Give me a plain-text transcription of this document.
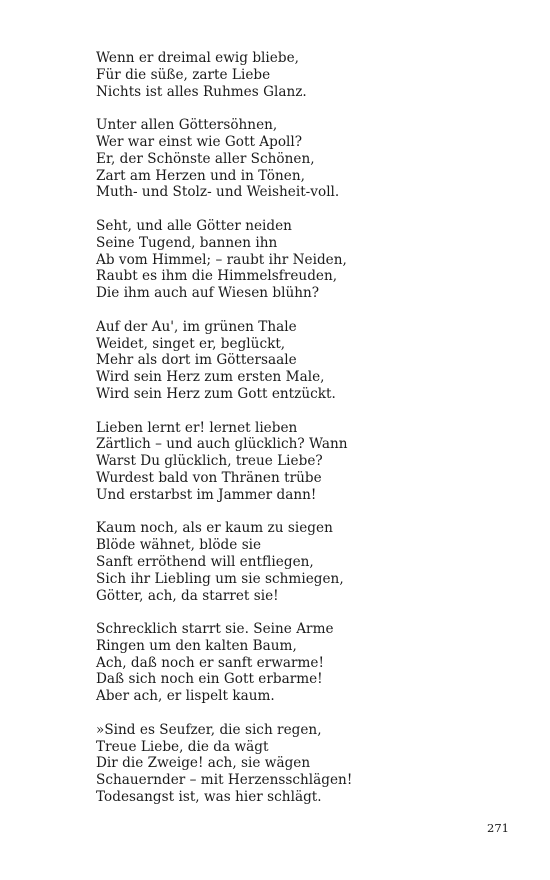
Wenn er dreimal ewig bliebe,
Für die süße, zarte Liebe
Nichts ist alles Ruhmes Glanz.
Unter allen Göttersöhnen,
Wer war einst wie Gott Apoll?
Er, der Schönste aller Schönen,
Zart am Herzen und in Tönen,
Muth- und Stolz- und Weisheit-voll.
Seht, und alle Götter neiden
Seine Tugend, bannen ihn
Ab vom Himmel; – raubt ihr Neiden,
Raubt es ihm die Himmelsfreuden,
Die ihm auch auf Wiesen blühn?
Auf der Au', im grünen Thale
Weidet, singet er, beglückt,
Mehr als dort im Göttersaale
Wird sein Herz zum ersten Male,
Wird sein Herz zum Gott entzückt.
Lieben lernt er! lernet lieben
Zärtlich – und auch glücklich? Wann
Warst Du glücklich, treue Liebe?
Wurdest bald von Thränen trübe
Und erstarbst im Jammer dann!
Kaum noch, als er kaum zu siegen
Blöde wähnet, blöde sie
Sanft erröthend will entfliegen,
Sich ihr Liebling um sie schmiegen,
Götter, ach, da starret sie!
Schrecklich starrt sie. Seine Arme
Ringen um den kalten Baum,
Ach, daß noch er sanft erwarme!
Daß sich noch ein Gott erbarme!
Aber ach, er lispelt kaum.
»Sind es Seufzer, die sich regen,
Treue Liebe, die da wägt
Dir die Zweige! ach, sie wägen
Schauernder – mit Herzensschlägen!
Todesangst ist, was hier schlägt.
271
